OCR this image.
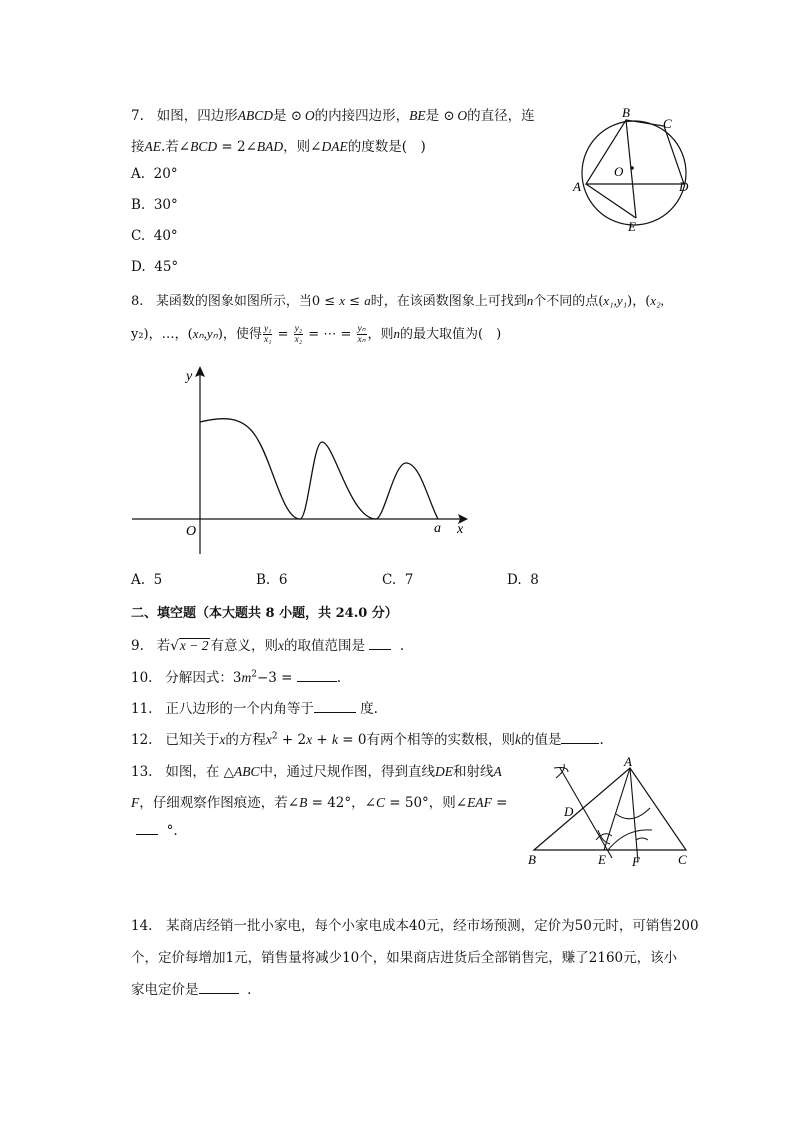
7. 如图，四边形ABCD是 ⊙  O的内接四边形，BE是 ⊙  O的直径，连
接AE.若∠BCD = 2∠BAD，则∠DAE的度数是(　)
A. 20°
B. 30°
C. 40°
D. 45°
B
C
O
A	D
E
8. 某函数的图象如图所示，当0 ≤ x ≤ a时，在该函数图象上可找到n个不同的点(x₁,y₁)，(x₂,
y₂)，…，(xₙ,yₙ)，使得 $\frac{\text{y₁}}{\text{x₁}} = \frac{\text{y₂}}{\text{x₂}}$ = ⋯ = $\frac{\text{yₙ}}{\text{xₙ}}$ ，则n的最大取值为(　)
y
x
O	a
A. 5	B. 6	C. 7	D. 8
二、填空题（本大题共 8 小题，共 24.0 分）
9. 若√x − 2 有意义，则x的取值范围是	.
10. 分解因式：$3m^2-3$ =	.
11. 正八边形的一个内角等于	度.
12. 已知关于x的方程$x^2 + 2x + k = 0$有两个相等的实数根，则k的值是	.
13. 如图，在 △ABC中，通过尺规作图，得到直线DE和射线A
F，仔细观察作图痕迹，若∠B = 42°，∠C = 50°，则∠EAF =
°.
A
D
B	E F	C
14.　某商店经销一批小家电，每个小家电成本40元，经市场预测，定价为50元时，可销售200
个，定价每增加1元，销售量将减少10个，如果商店进货后全部销售完，赚了2160元，该小
家电定价是	.
